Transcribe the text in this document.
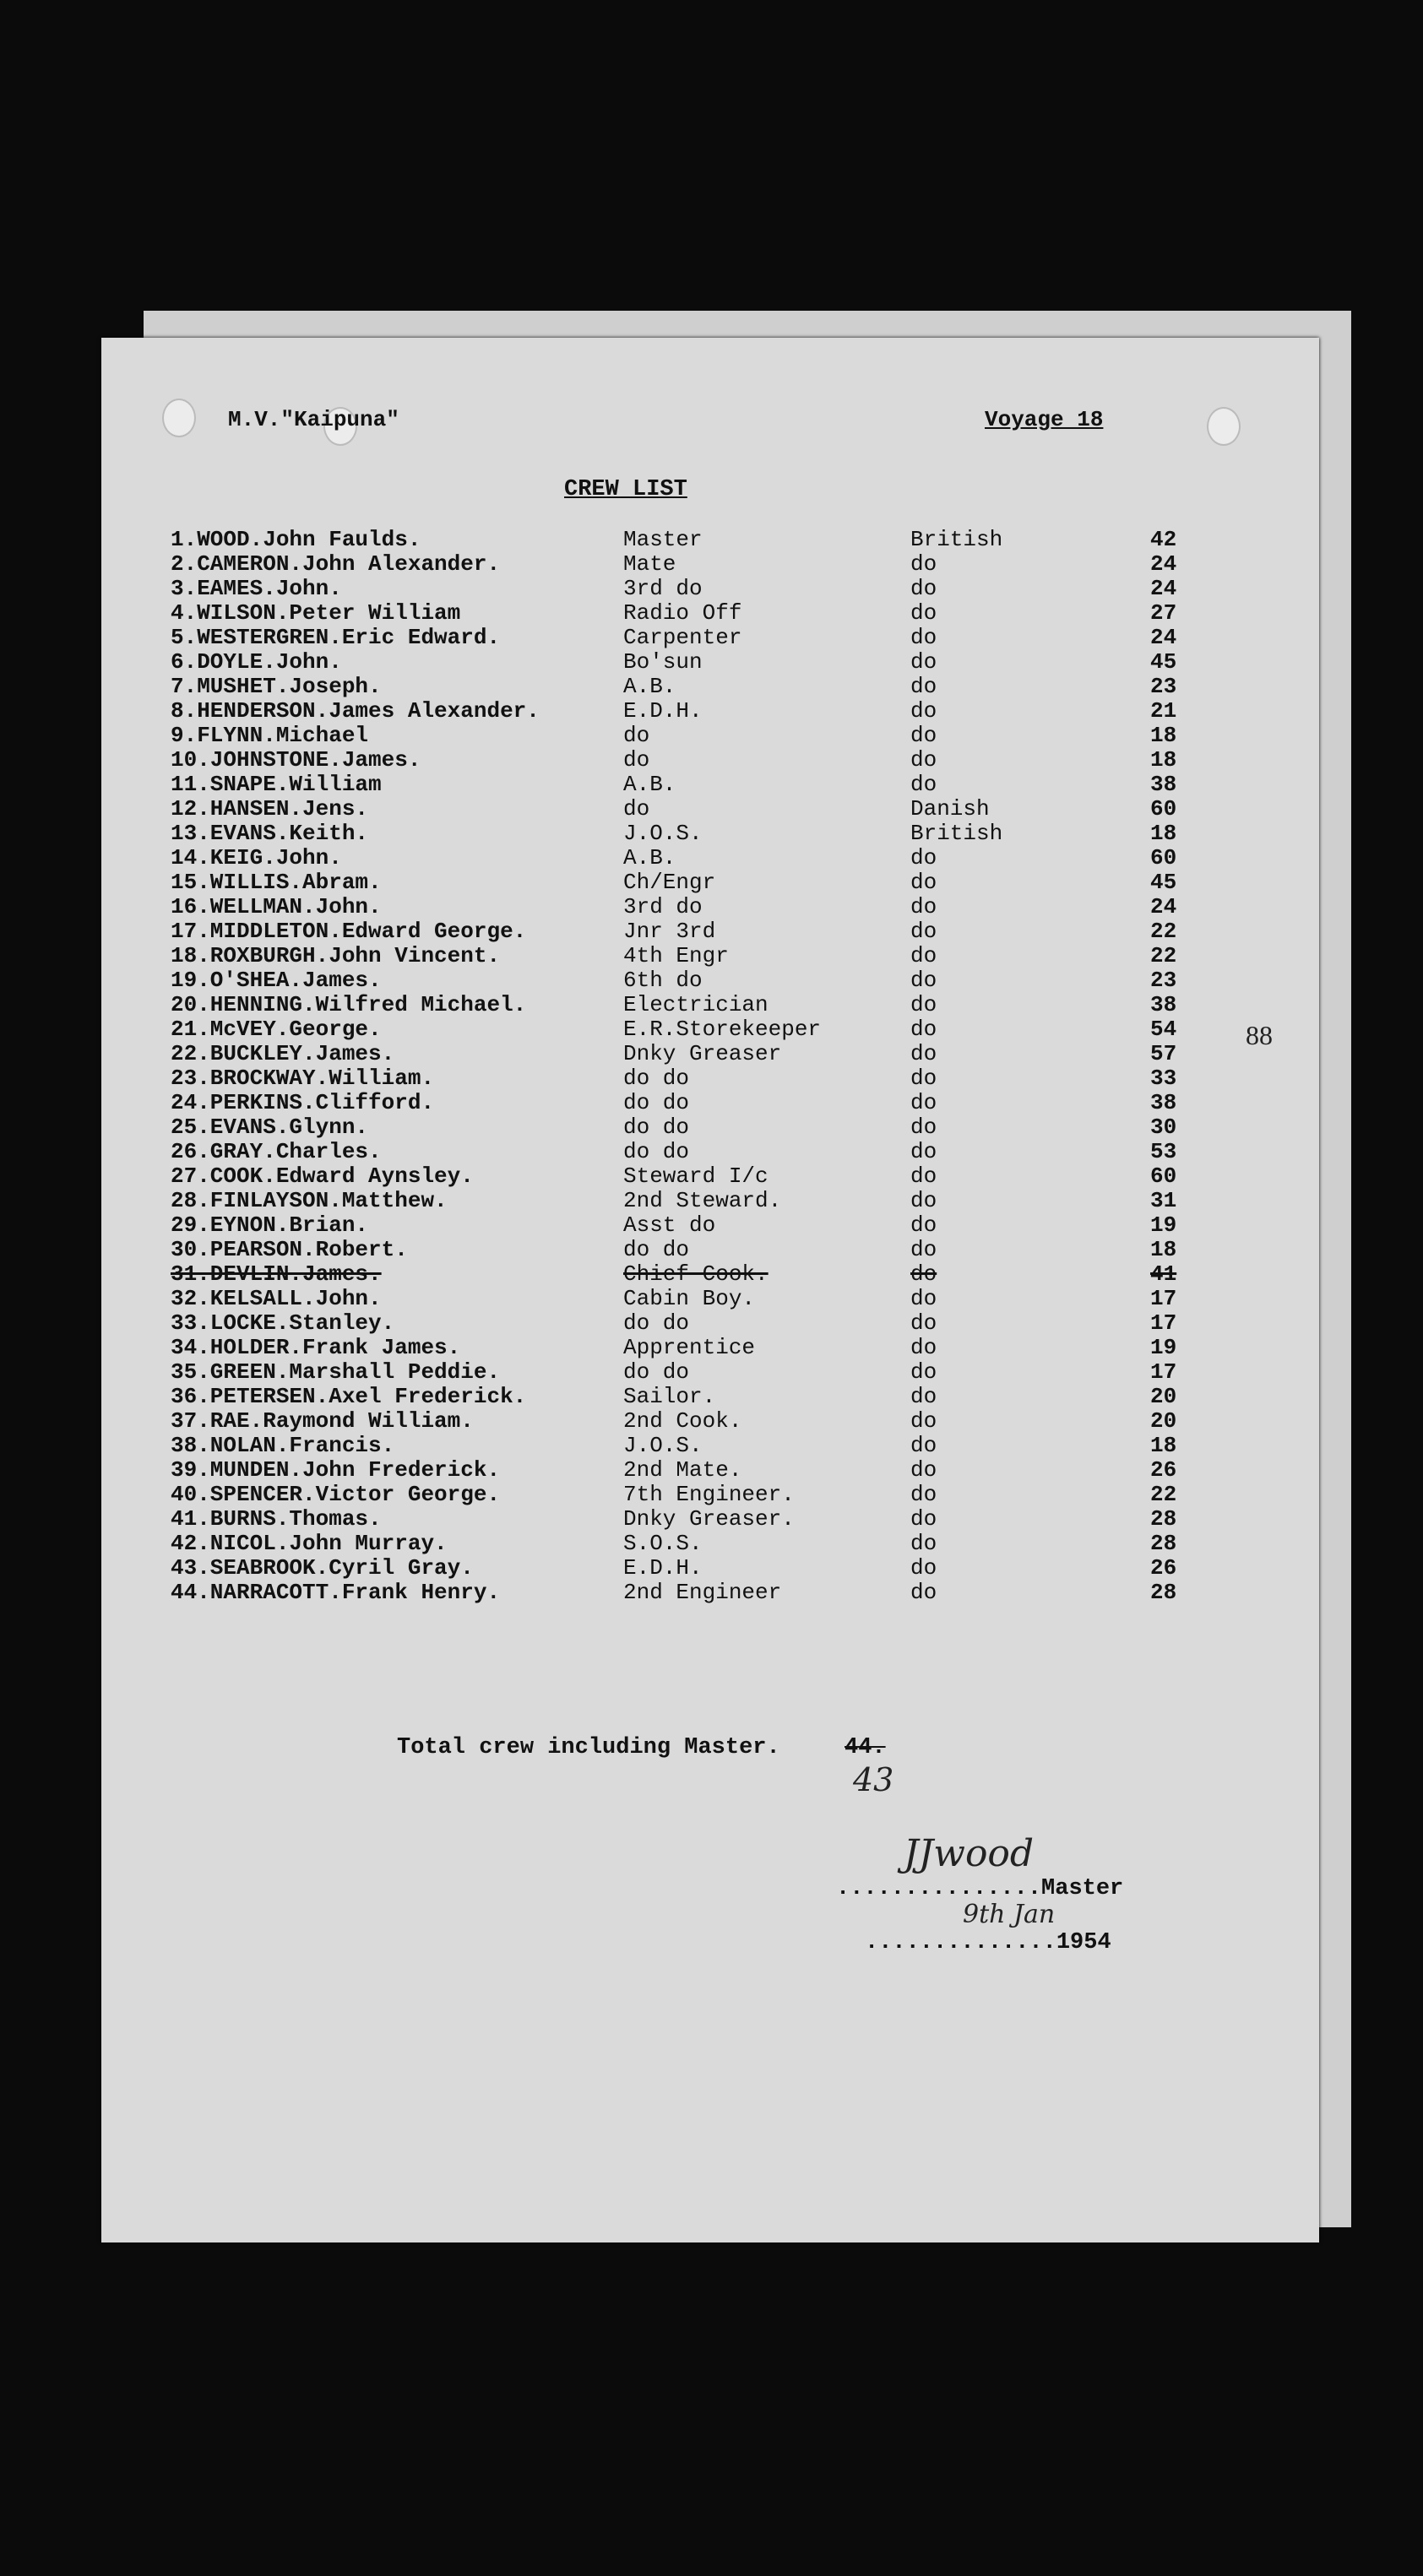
M.V."Kaipuna"	Voyage 18
CREW LIST
1.WOOD.John Faulds.	Master	British	42
2.CAMERON.John Alexander.	Mate	do	24
3.EAMES.John.	3rd do	do	24
4.WILSON.Peter William	Radio Off	do	27
5.WESTERGREN.Eric Edward.	Carpenter	do	24
6.DOYLE.John.	Bo'sun	do	45
7.MUSHET.Joseph.	A.B.	do	23
8.HENDERSON.James Alexander.	E.D.H.	do	21
9.FLYNN.Michael	do	do	18
10.JOHNSTONE.James.	do	do	18
11.SNAPE.William	A.B.	do	38
12.HANSEN.Jens.	do	Danish	60
13.EVANS.Keith.	J.O.S.	British	18
14.KEIG.John.	A.B.	do	60
15.WILLIS.Abram.	Ch/Engr	do	45
16.WELLMAN.John.	3rd do	do	24
17.MIDDLETON.Edward George.	Jnr 3rd	do	22
18.ROXBURGH.John Vincent.	4th Engr	do	22
19.O'SHEA.James.	6th do	do	23
20.HENNING.Wilfred Michael.	Electrician	do	38
21.McVEY.George.	E.R.Storekeeper	do	54
22.BUCKLEY.James.	Dnky Greaser	do	57
23.BROCKWAY.William.	do do	do	33
24.PERKINS.Clifford.	do do	do	38
25.EVANS.Glynn.	do do	do	30
26.GRAY.Charles.	do do	do	53
27.COOK.Edward Aynsley.	Steward I/c	do	60
28.FINLAYSON.Matthew.	2nd Steward.	do	31
29.EYNON.Brian.	Asst do	do	19
30.PEARSON.Robert.	do do	do	18
31.DEVLIN.James.	Chief Cook.	do	41
32.KELSALL.John.	Cabin Boy.	do	17
33.LOCKE.Stanley.	do do	do	17
34.HOLDER.Frank James.	Apprentice	do	19
35.GREEN.Marshall Peddie.	do do	do	17
36.PETERSEN.Axel Frederick.	Sailor.	do	20
37.RAE.Raymond William.	2nd Cook.	do	20
38.NOLAN.Francis.	J.O.S.	do	18
39.MUNDEN.John Frederick.	2nd Mate.	do	26
40.SPENCER.Victor George.	7th Engineer.	do	22
41.BURNS.Thomas.	Dnky Greaser.	do	28
42.NICOL.John Murray.	S.O.S.	do	28
43.SEABROOK.Cyril Gray.	E.D.H.	do	26
44.NARRACOTT.Frank Henry.	2nd Engineer	do	28
88
Total crew including Master.	44.
43
JJwood
...............Master
9th Jan
..............1954
